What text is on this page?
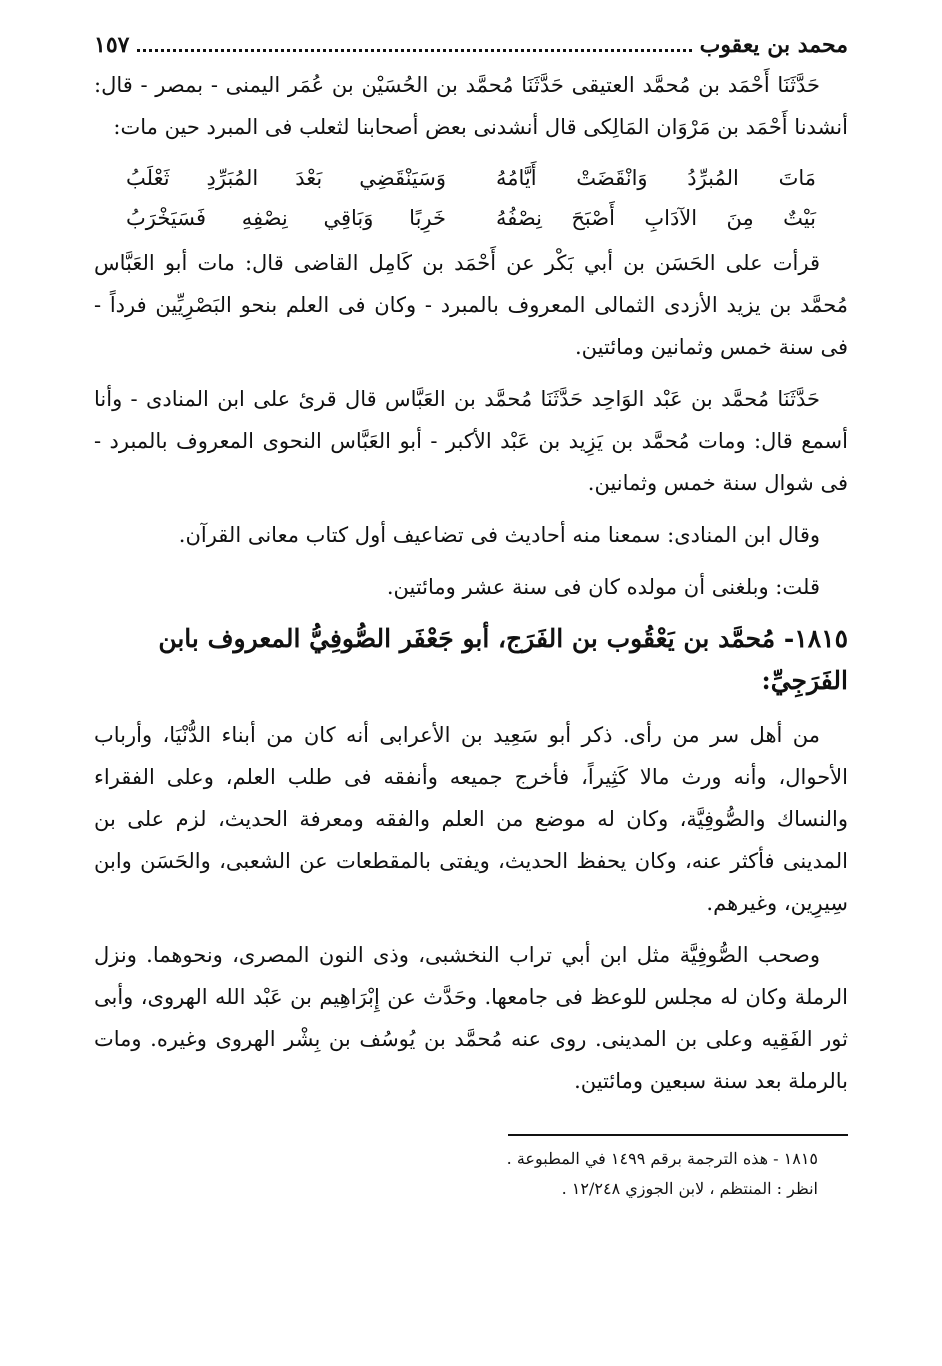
محمد بن يعقوب
١٥٧

حَدَّثَنَا أَحْمَد بن مُحمَّد العتيقى حَدَّثَنَا مُحمَّد بن الحُسَيْن بن عُمَر اليمنى - بمصر - قال: أنشدنا أَحْمَد بن مَرْوَان المَالِكى قال أنشدنى بعض أصحابنا لثعلب فى المبرد حين مات:

مَاتَ المُبرِّدُ وَانْقَضَتْ أَيَّامُهُ
وَسَيَنْقَضِي بَعْدَ المُبَرِّدِ ثَعْلَبُ
بَيْتٌ مِنَ الآدَابِ أَصْبَحَ نِصْفُهُ
خَرِبًا وَبَاقِي نِصْفِهِ فَسَيَخْرَبُ

قرأت على الحَسَن بن أبي بَكْر عن أَحْمَد بن كَامِل القاضى قال: مات أبو العَبَّاس مُحمَّد بن يزيد الأزدى الثمالى المعروف بالمبرد - وكان فى العلم بنحو البَصْرِيِّين فرداً - فى سنة خمس وثمانين ومائتين.

حَدَّثَنَا مُحمَّد بن عَبْد الوَاحِد حَدَّثَنَا مُحمَّد بن العَبَّاس قال قرئ على ابن المنادى - وأنا أسمع قال: ومات مُحمَّد بن يَزِيد بن عَبْد الأكبر - أبو العَبَّاس النحوى المعروف بالمبرد - فى شوال سنة خمس وثمانين.

وقال ابن المنادى: سمعنا منه أحاديث فى تضاعيف أول كتاب معانى القرآن.

قلت: وبلغنى أن مولده كان فى سنة عشر ومائتين.

١٨١٥- مُحمَّد بن يَعْقُوب بن الفَرَج، أبو جَعْفَر الصُّوفِيُّ المعروف بابن الفَرَجِيِّ:

من أهل سر من رأى. ذكر أبو سَعِيد بن الأعرابى أنه كان من أبناء الدُّنْيَا، وأرباب الأحوال، وأنه ورث مالا كَثِيراً، فأخرج جميعه وأنفقه فى طلب العلم، وعلى الفقراء والنساك والصُّوفِيَّة، وكان له موضع من العلم والفقه ومعرفة الحديث، لزم على بن المدينى فأكثر عنه، وكان يحفظ الحديث، ويفتى بالمقطعات عن الشعبى، والحَسَن وابن سِيرِين، وغيرهم.

وصحب الصُّوفِيَّة مثل ابن أبي تراب النخشبى، وذى النون المصرى، ونحوهما. ونزل الرملة وكان له مجلس للوعظ فى جامعها. وحَدَّث عن إِبْرَاهِيم بن عَبْد الله الهروى، وأبى ثور الفَقِيه وعلى بن المدينى. روى عنه مُحمَّد بن يُوسُف بن بِشْر الهروى وغيره. ومات بالرملة بعد سنة سبعين ومائتين.

١٨١٥ - هذه الترجمة برقم ١٤٩٩ في المطبوعة .
انظر : المنتظم ، لابن الجوزي ١٢/٢٤٨ .
